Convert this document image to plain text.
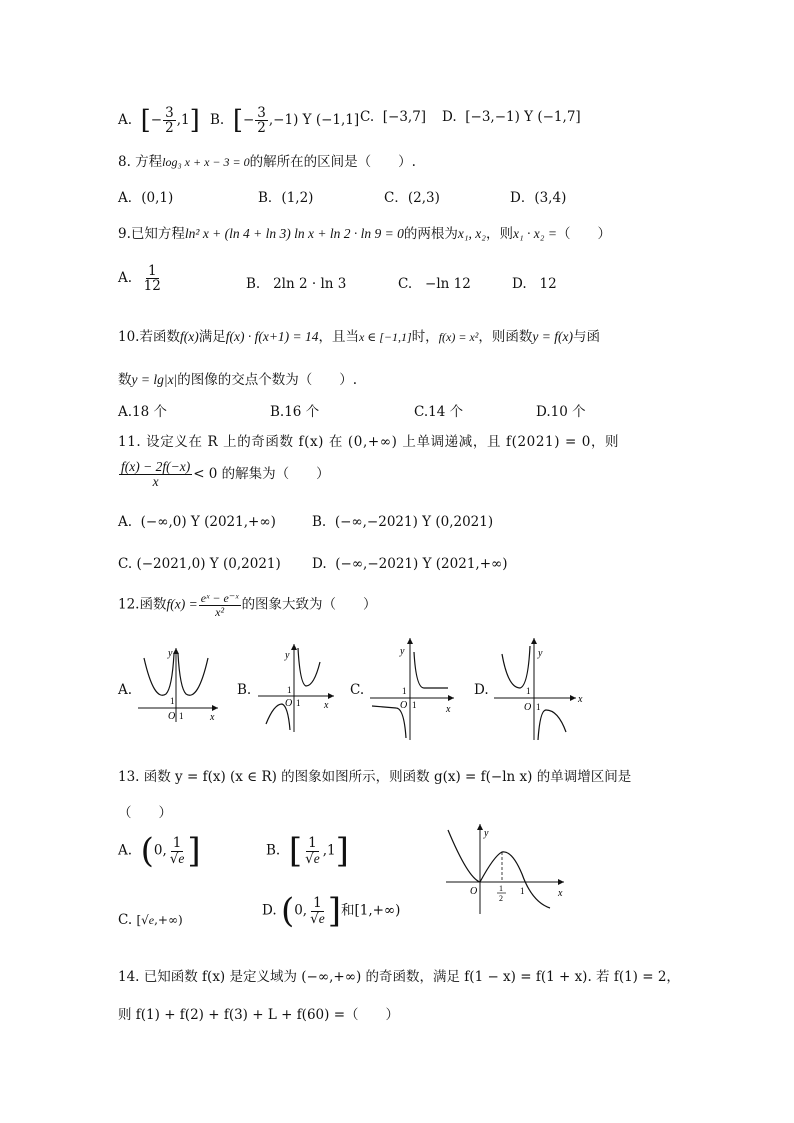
A. [− $\frac{3}{2} ,1$] B. [− $\frac{3}{2} ,-1$) Y (−1,1] C. [−3,7] D. [−3,−1) Y (−1,7]
8. 方程log₃ x + x − 3 = 0的解所在的区间是（　　）.
A．(0,1)	B．(1,2)	C．(2,3)	D．(3,4)
9.已知方程ln² x + (ln 4 + ln 3) ln x + ln 2 · ln 9 = 0的两根为x₁, x₂，则x₁ · x₂ =（　　）
A. $\frac{1}{12}$	B. 2ln 2 · ln 3	C. −ln 12	D. 12
10.若函数f(x)满足f(x) · f(x+1) = 14，且当x ∈ [−1,1]时，f(x) = x²，则函数y = f(x)与函
数y = lg|x|的图像的交点个数为（　　）.
A.18 个	B.16 个	C.14 个	D.10 个
11. 设定义在 R 上的奇函数 f(x) 在 (0,+∞) 上单调递减，且 f(2021) = 0，则
$\frac{f(x) - 2f(-x)}{x} < 0$ 的解集为（　　）
A. (−∞,0) Y (2021,+∞)	B. (−∞,−2021) Y (0,2021)
C. (−2021,0) Y (0,2021) D. (−∞,−2021) Y (2021,+∞)
12.函数$f(x) = \frac{\text{eˣ − e⁻ˣ}}{\text{x²}}$ 的图象大致为（　　）
A.
y
x
O 1
1
B.
y
x
O 1
1	C.
y
x
O 1
1	D.
y
x
O 1
1
13. 函数 y = f(x) (x ∈ R) 的图象如图所示，则函数 g(x) = f(−ln x) 的单调增区间是
（　　）
A. (0, $\frac{1}{√e}$ ]	B. [ $\frac{1}{√e} ,1$]
C. [√e,+∞)
D. (0, $\frac{1}{√e}$ ]和[1,+∞)
y
x
O	1
2
1
14. 已知函数 f(x) 是定义域为 (−∞,+∞) 的奇函数，满足 f(1 − x) = f(1 + x). 若 f(1) = 2，
则 f(1) + f(2) + f(3) + L + f(60) =（　　）
